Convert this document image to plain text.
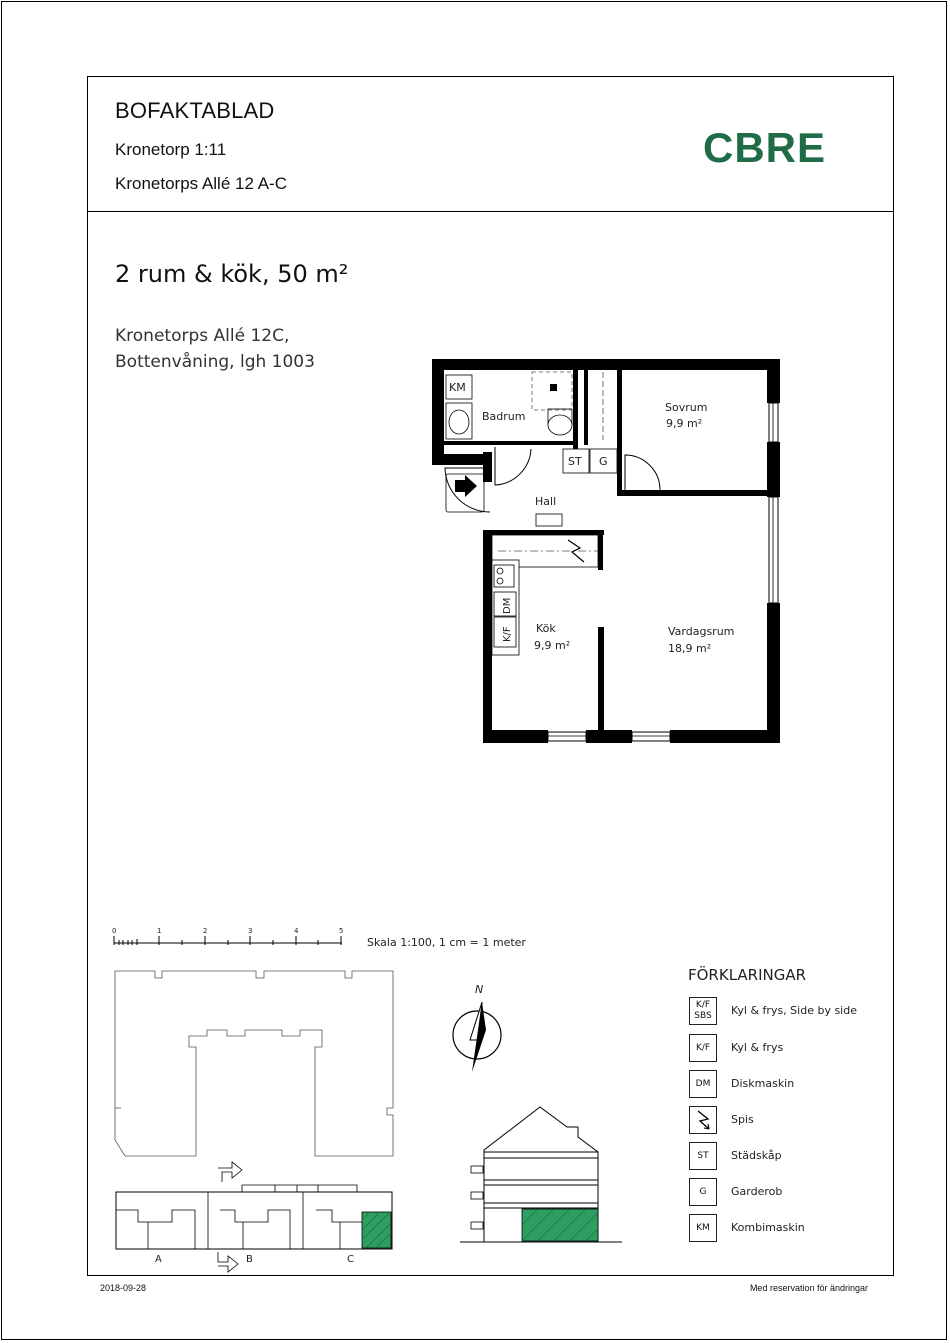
BOFAKTABLAD
Kronetorp 1:11
Kronetorps Allé 12 A-C
CBRE
2 rum & kök, 50 m²
Kronetorps Allé 12C,
Bottenvåning, lgh 1003
KM
ST G
DM
K/F
Badrum
Hall
Sovrum
9,9 m²
Kök
9,9 m²
Vardagsrum
18,9 m²
0	1	2	3	4	5
Skala 1:100, 1 cm = 1 meter
A	B	C
N
FÖRKLARINGAR
K/F
SBS	Kyl & frys, Side by side
K/F	Kyl & frys
DM	Diskmaskin
Spis
ST	Städskåp
G	Garderob
KM	Kombimaskin
2018-09-28	Med reservation för ändringar
